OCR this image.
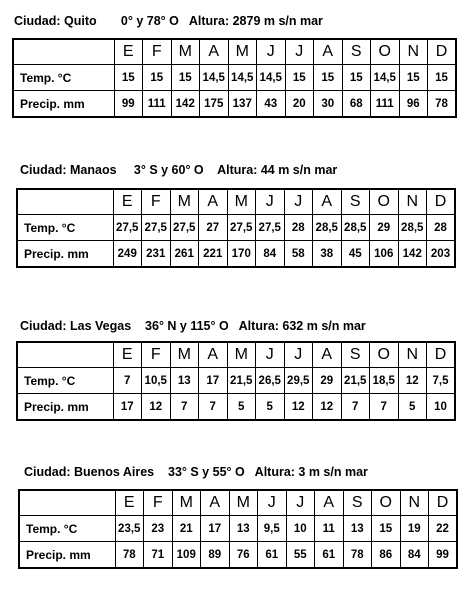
Ciudad: Quito       0° y 78° O   Altura: 2879 m s/n mar
	E	F	M	A	M	J	J	A	S	O	N	D
Temp. °C	15	15	15	14,5	14,5	14,5	15	15	15	14,5	15	15
Precip. mm	99	111	142	175	137	43	20	30	68	111	96	78
Ciudad: Manaos     3° S y 60° O    Altura: 44 m s/n mar
	E	F	M	A	M	J	J	A	S	O	N	D
Temp. °C	27,5	27,5	27,5	27	27,5	27,5	28	28,5	28,5	29	28,5	28
Precip. mm	249	231	261	221	170	84	58	38	45	106	142	203
Ciudad: Las Vegas    36° N y 115° O   Altura: 632 m s/n mar
	E	F	M	A	M	J	J	A	S	O	N	D
Temp. °C	7	10,5	13	17	21,5	26,5	29,5	29	21,5	18,5	12	7,5
Precip. mm	17	12	7	7	5	5	12	12	7	7	5	10
Ciudad: Buenos Aires    33° S y 55° O   Altura: 3 m s/n mar
	E	F	M	A	M	J	J	A	S	O	N	D
Temp. °C	23,5	23	21	17	13	9,5	10	11	13	15	19	22
Precip. mm	78	71	109	89	76	61	55	61	78	86	84	99
